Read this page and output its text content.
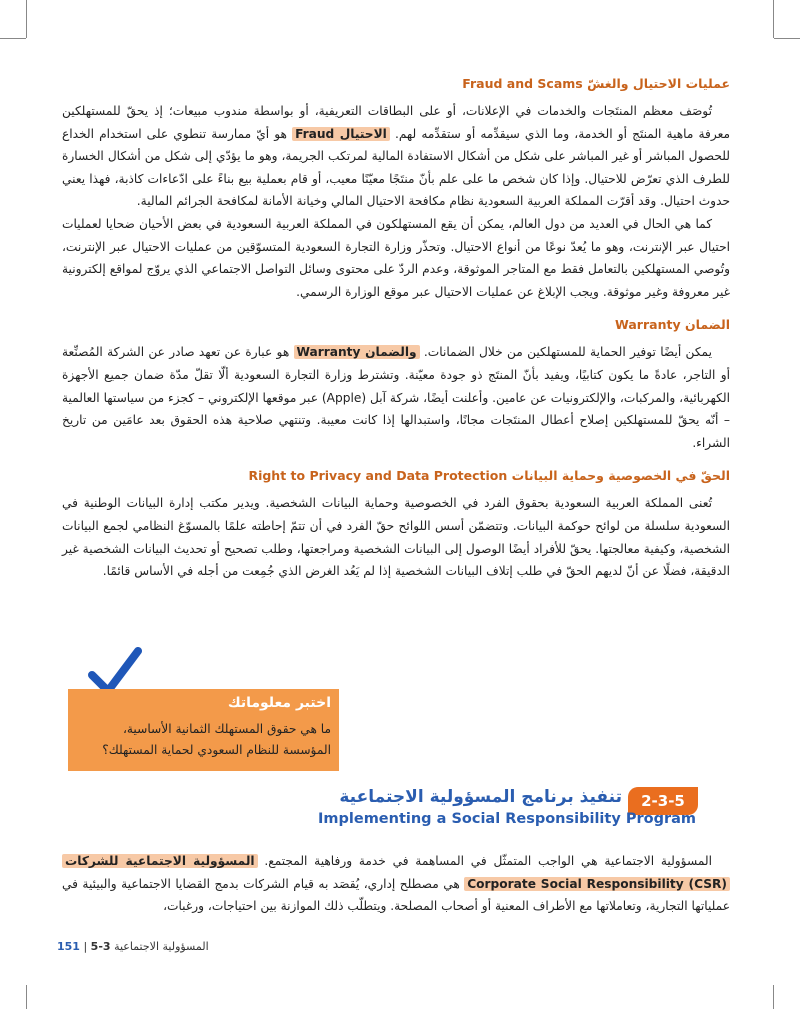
عمليات الاحتيال والغشّ Fraud and Scams

تُوصَف معظم المنتَجات والخدمات في الإعلانات، أو على البطاقات التعريفية، أو بواسطة مندوب مبيعات؛ إذ يحقّ للمستهلكين معرفة ماهية المنتَج أو الخدمة، وما الذي سيقدِّمه أو ستقدِّمه لهم. الاحتيال Fraud هو أيّ ممارسة تنطوي على استخدام الخداع للحصول المباشر أو غير المباشر على شكل من أشكال الاستفادة المالية لمرتكب الجريمة، وهو ما يؤدّي إلى شكل من أشكال الخسارة للطرف الذي تعرّض للاحتيال. وإذا كان شخص ما على علم بأنّ منتَجًا معيّنًا معيب، أو قام بعملية بيع بناءً على ادّعاءات كاذبة، فهذا يعني حدوث احتيال. وقد أقرّت المملكة العربية السعودية نظام مكافحة الاحتيال المالي وخيانة الأمانة لمكافحة الجرائم المالية.

كما هي الحال في العديد من دول العالم، يمكن أن يقع المستهلكون في المملكة العربية السعودية في بعض الأحيان ضحايا لعمليات احتيال عبر الإنترنت، وهو ما يُعدّ نوعًا من أنواع الاحتيال. وتحذّر وزارة التجارة السعودية المتسوّقين من عمليات الاحتيال عبر الإنترنت، وتُوصي المستهلكين بالتعامل فقط مع المتاجر الموثوقة، وعدم الردّ على محتوى وسائل التواصل الاجتماعي الذي يروّج لمواقع إلكترونية غير معروفة وغير موثوقة. ويجب الإبلاغ عن عمليات الاحتيال عبر موقع الوزارة الرسمي.

الضمان Warranty

يمكن أيضًا توفير الحماية للمستهلكين من خلال الضمانات. والضمان Warranty هو عبارة عن تعهد صادر عن الشركة المُصنِّعة أو التاجر، عادةً ما يكون كتابيًا، ويفيد بأنّ المنتَج ذو جودة معيّنة. وتشترط وزارة التجارة السعودية ألّا تقلّ مدّة ضمان جميع الأجهزة الكهربائية، والمركبات، والإلكترونيات عن عامين. وأعلنت أيضًا، شركة آبل (Apple) عبر موقعها الإلكتروني – كجزء من سياستها العالمية – أنّه يحقّ للمستهلكين إصلاح أعطال المنتَجات مجانًا، واستبدالها إذا كانت معيبة. وتنتهي صلاحية هذه الحقوق بعد عامَين من تاريخ الشراء.

الحقّ في الخصوصية وحماية البيانات Right to Privacy and Data Protection

تُعنى المملكة العربية السعودية بحقوق الفرد في الخصوصية وحماية البيانات الشخصية. ويدير مكتب إدارة البيانات الوطنية في السعودية سلسلة من لوائح حوكمة البيانات. وتتضمّن أسس اللوائح حقّ الفرد في أن تتمّ إحاطته علمًا بالمسوّغ النظامي لجمع البيانات الشخصية، وكيفية معالجتها. يحقّ للأفراد أيضًا الوصول إلى البيانات الشخصية ومراجعتها، وطلب تصحيح أو تحديث البيانات الشخصية غير الدقيقة، فضلًا عن أنّ لديهم الحقّ في طلب إتلاف البيانات الشخصية إذا لم يَعُد الغرض الذي جُمِعت من أجله في الأساس قائمًا.

اختبر معلوماتك
ما هي حقوق المستهلك الثمانية الأساسية، المؤسسة للنظام السعودي لحماية المستهلك؟
2-3-5
تنفيذ برنامج المسؤولية الاجتماعية
Implementing a Social Responsibility Program

المسؤولية الاجتماعية هي الواجب المتمثّل في المساهمة في خدمة ورفاهية المجتمع. المسؤولية الاجتماعية للشركات Corporate Social Responsibility (CSR) هي مصطلح إداري، يُقصَد به قيام الشركات بدمج القضايا الاجتماعية والبيئية في عملياتها التجارية، وتعاملاتها مع الأطراف المعنية أو أصحاب المصلحة. ويتطلّب ذلك الموازنة بين احتياجات، ورغبات،

151 | المسؤولية الاجتماعية 3-5
